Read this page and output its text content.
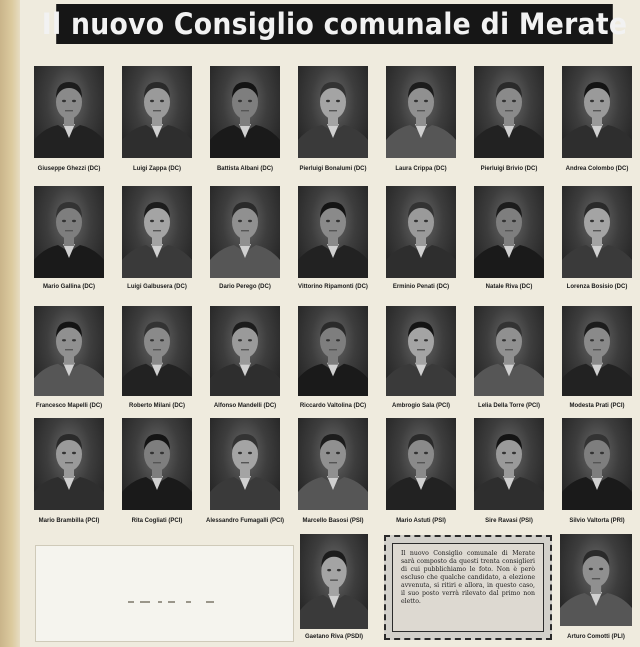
Il nuovo Consiglio comunale di Merate
Giuseppe Ghezzi (DC)	Luigi Zappa (DC)	Battista Albani (DC)	Pierluigi Bonalumi (DC)	Laura Crippa (DC)	Pierluigi Brivio (DC)	Andrea Colombo (DC)
Mario Gallina (DC)	Luigi Galbusera (DC)	Dario Perego (DC)	Vittorino Ripamonti (DC)	Erminio Penati (DC)	Natale Riva (DC)	Lorenza Bosisio (DC)
Francesco Mapelli (DC)	Roberto Milani (DC)	Alfonso Mandelli (DC)	Riccardo Valtolina (DC)	Ambrogio Sala (PCI)	Lelia Della Torre (PCI)	Modesta Prati (PCI)
Mario Brambilla (PCI)	Rita Cogliati (PCI)	Alessandro Fumagalli (PCI)	Marcello Basosi (PSI)	Mario Astuti (PSI)	Sire Ravasi (PSI)	Silvio Valtorta (PRI)
Gaetano Riva (PSDI)	Arturo Comotti (PLI)
Il nuovo Consiglio comunale di Merate sarà composto da questi trenta consiglieri di cui pubblichiamo le foto. Non è però escluso che qualche candidato, a elezione avvenuta, si ritiri e allora, in questo caso, il suo posto verrà rilevato dal primo non eletto.
